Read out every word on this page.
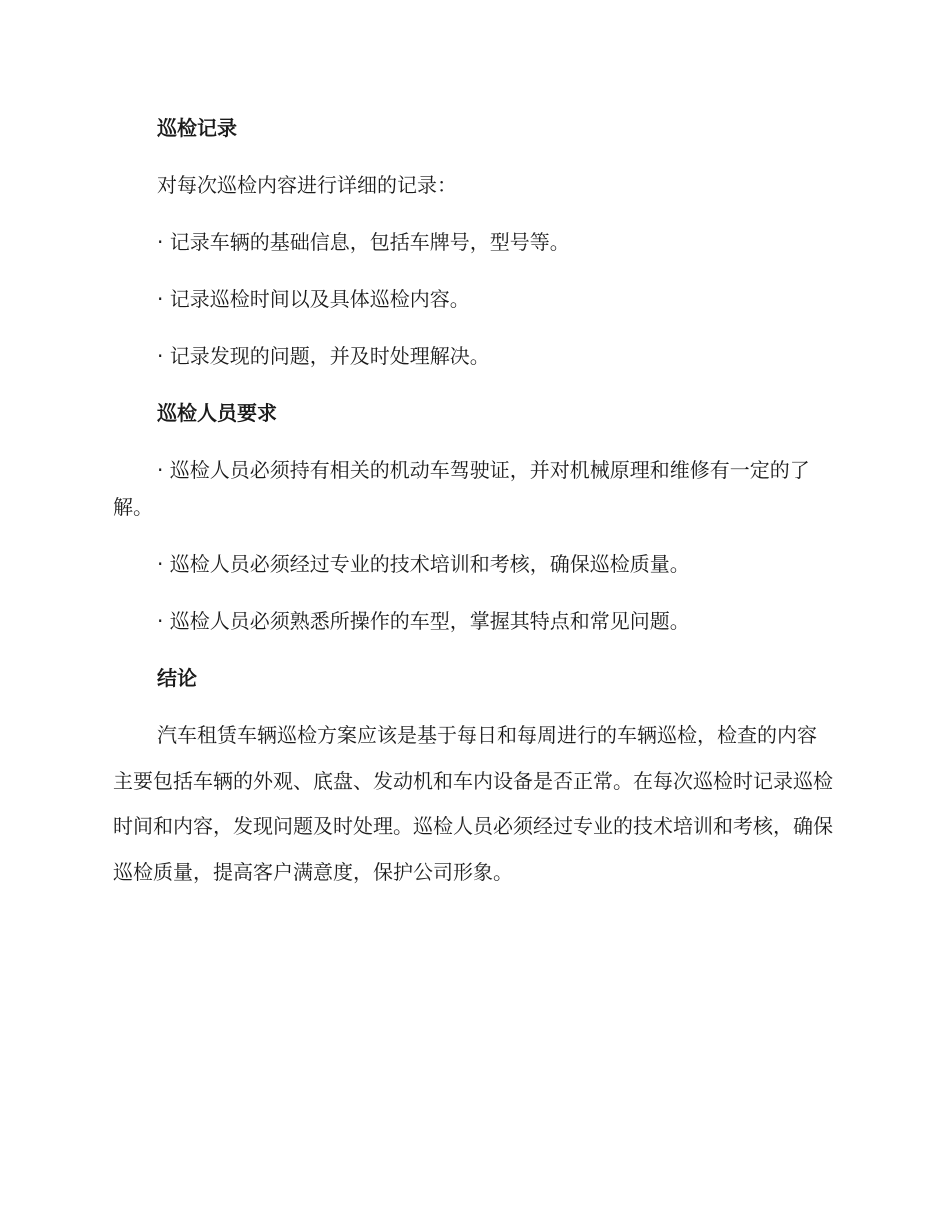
巡检记录

对每次巡检内容进行详细的记录：

· 记录车辆的基础信息，包括车牌号，型号等。

· 记录巡检时间以及具体巡检内容。

· 记录发现的问题，并及时处理解决。

巡检人员要求

· 巡检人员必须持有相关的机动车驾驶证，并对机械原理和维修有一定的了解。

· 巡检人员必须经过专业的技术培训和考核，确保巡检质量。

· 巡检人员必须熟悉所操作的车型，掌握其特点和常见问题。

结论

汽车租赁车辆巡检方案应该是基于每日和每周进行的车辆巡检，检查的内容主要包括车辆的外观、底盘、发动机和车内设备是否正常。在每次巡检时记录巡检时间和内容，发现问题及时处理。巡检人员必须经过专业的技术培训和考核，确保巡检质量，提高客户满意度，保护公司形象。
